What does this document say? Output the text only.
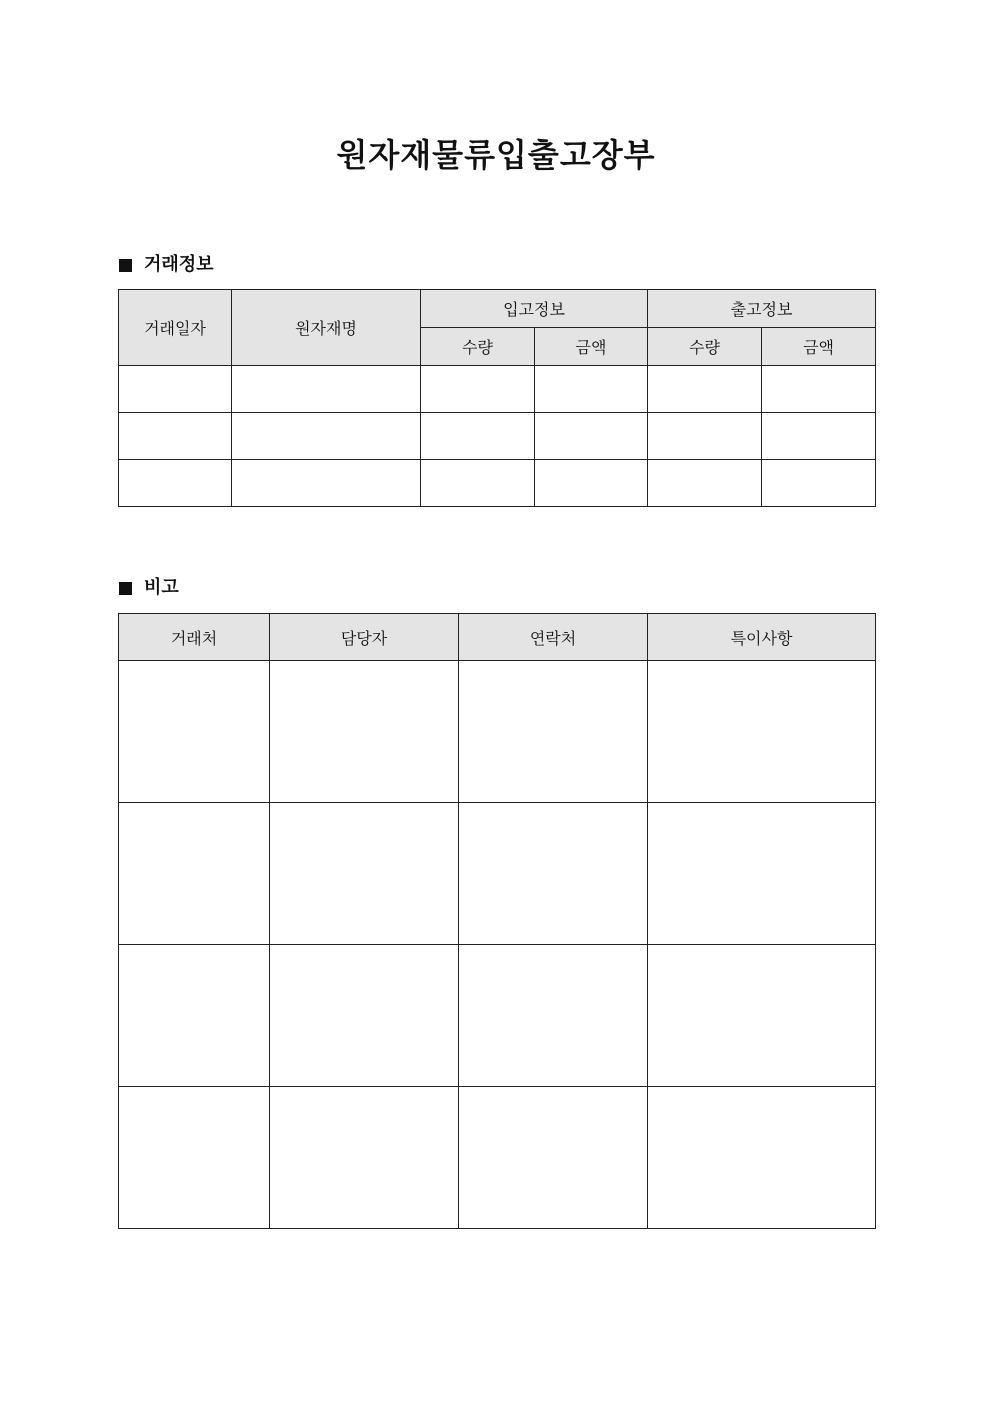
원자재물류입출고장부
거래정보
거래일자	원자재명	입고정보		출고정보	
		수량	금액	수량	금액

비고
거래처	담당자	연락처	특이사항
